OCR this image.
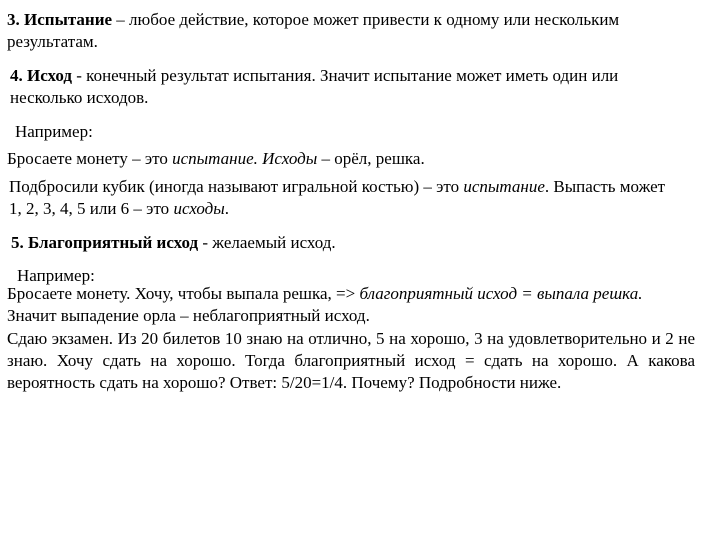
3. Испытание – любое действие, которое может привести к одному или нескольким
результатам.
4. Исход - конечный результат испытания. Значит испытание может иметь один или
несколько исходов.
Например:
Бросаете монету – это испытание. Исходы – орёл, решка.
Подбросили кубик (иногда называют игральной костью) – это испытание. Выпасть может
1, 2, 3, 4, 5 или 6 – это исходы.
5. Благоприятный исход - желаемый исход.
Например:
Бросаете монету. Хочу, чтобы выпала решка, => благоприятный исход = выпала решка.
Значит выпадение орла – неблагоприятный исход.
Сдаю экзамен. Из 20 билетов 10 знаю на отлично, 5 на хорошо, 3 на удовлетворительно и 2 не знаю. Хочу сдать на хорошо. Тогда благоприятный исход = сдать на хорошо. А какова вероятность сдать на хорошо? Ответ: 5/20=1/4. Почему? Подробности ниже.
